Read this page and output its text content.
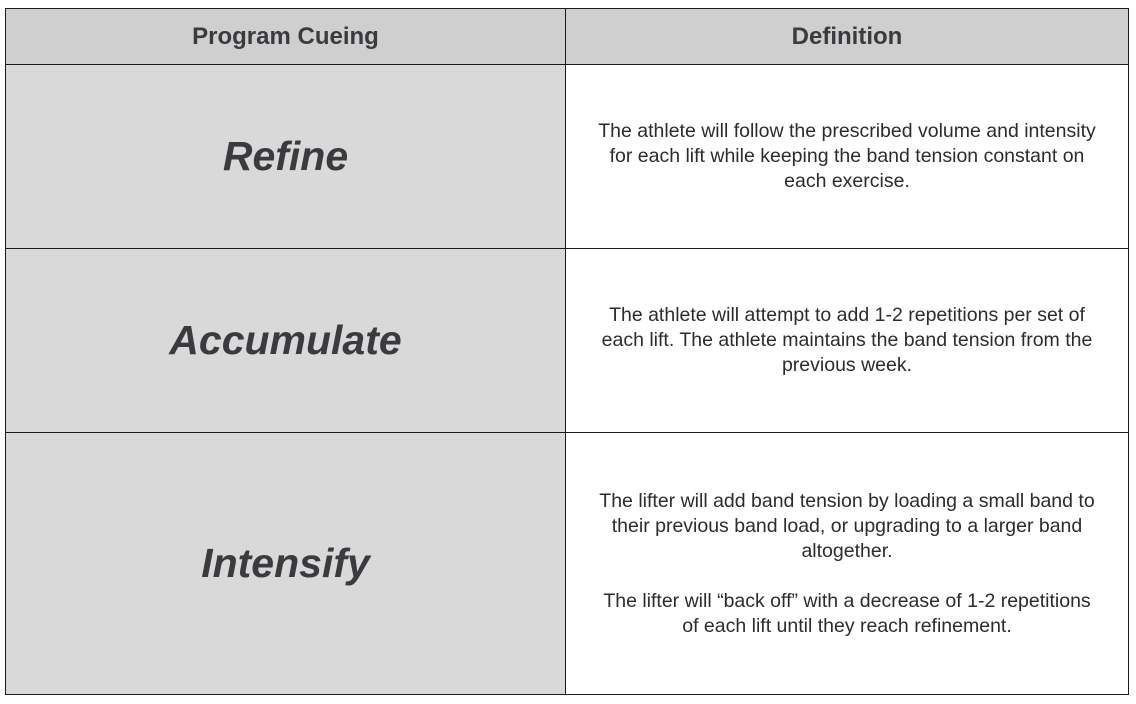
Program Cueing	Definition
Refine

The athlete will follow the prescribed volume and intensity for each lift while keeping the band tension constant on each exercise.

Accumulate

The athlete will attempt to add 1-2 repetitions per set of each lift. The athlete maintains the band tension from the previous week.

Intensify

The lifter will add band tension by loading a small band to their previous band load, or upgrading to a larger band altogether.

The lifter will “back off” with a decrease of 1-2 repetitions of each lift until they reach refinement.
